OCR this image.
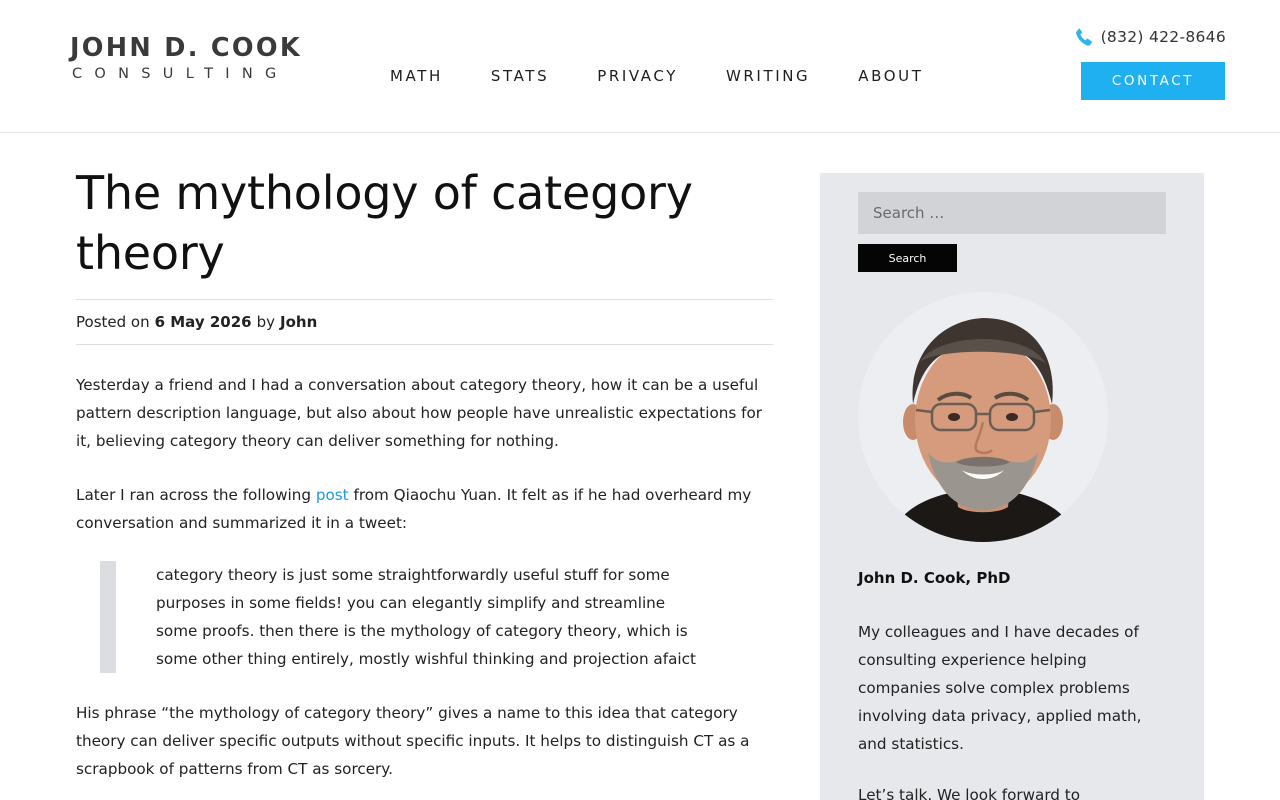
JOHN D. COOK
CONSULTING	MATH	STATS	PRIVACY	WRITING	ABOUT
(832) 422-8646
CONTACT
The mythology of category theory
Posted on 6 May 2026 by John

Yesterday a friend and I had a conversation about category theory, how it can be a useful pattern description language, but also about how people have unrealistic expectations for it, believing category theory can deliver something for nothing.

Later I ran across the following post from Qiaochu Yuan. It felt as if he had overheard my conversation and summarized it in a tweet:

category theory is just some straightforwardly useful stuff for some purposes in some fields! you can elegantly simplify and streamline some proofs. then there is the mythology of category theory, which is some other thing entirely, mostly wishful thinking and projection afaict

His phrase “the mythology of category theory” gives a name to this idea that category theory can deliver specific outputs without specific inputs. It helps to distinguish CT as a scrapbook of patterns from CT as sorcery.

Search …
Search
John D. Cook, PhD
My colleagues and I have decades of consulting experience helping companies solve complex problems involving data privacy, applied math, and statistics.
Let’s talk. We look forward to
